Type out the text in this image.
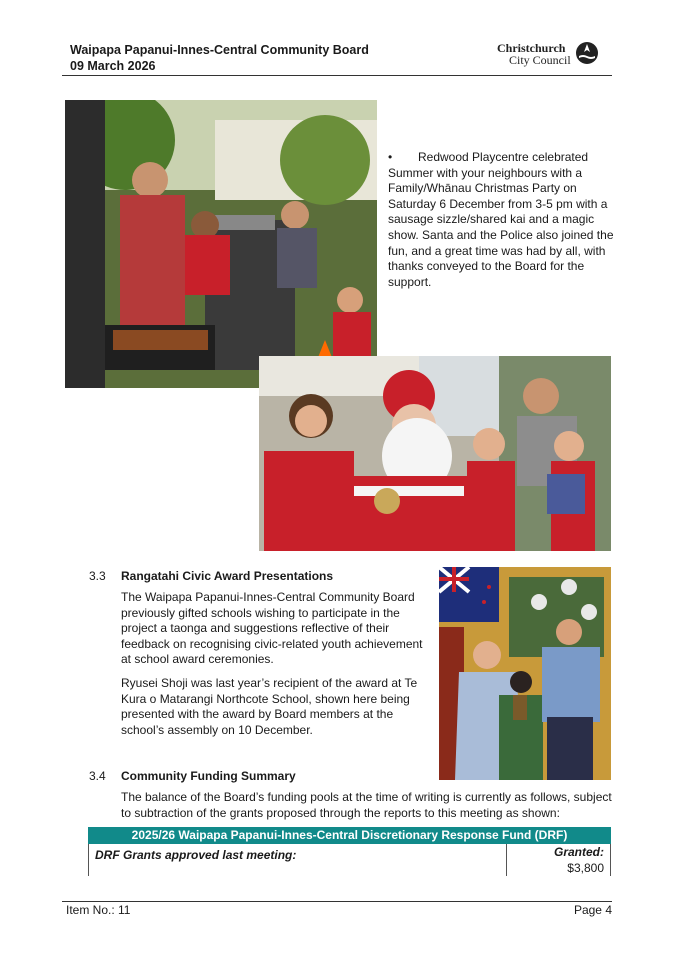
Waipapa Papanui-Innes-Central Community Board
09 March 2026
Christchurch
City Council
• Redwood Playcentre celebrated
Summer with your neighbours with a
Family/Whānau Christmas Party on
Saturday 6 December from 3-5 pm with a
sausage sizzle/shared kai and a magic
show. Santa and the Police also joined the
fun, and a great time was had by all, with
thanks conveyed to the Board for the
support.
3.3 Rangatahi Civic Award Presentations
The Waipapa Papanui-Innes-Central Community Board
previously gifted schools wishing to participate in the
project a taonga and suggestions reflective of their
feedback on recognising civic-related youth achievement
at school award ceremonies.
Ryusei Shoji was last year’s recipient of the award at Te
Kura o Matarangi Northcote School, shown here being
presented with the award by Board members at the
school’s assembly on 10 December.
3.4 Community Funding Summary
The balance of the Board’s funding pools at the time of writing is currently as follows, subject
to subtraction of the grants proposed through the reports to this meeting as shown:
2025/26 Waipapa Papanui-Innes-Central Discretionary Response Fund (DRF)
DRF Grants approved last meeting:	Granted:
$3,800
Item No.: 11	Page 4
